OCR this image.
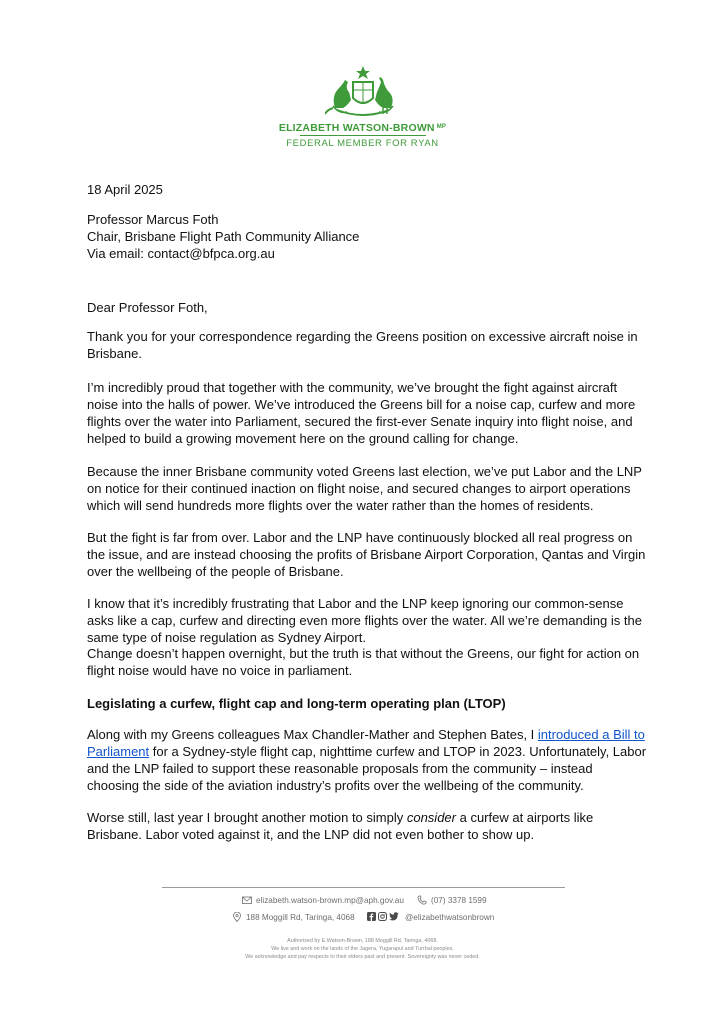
ELIZABETH WATSON-BROWN $^{MP}$
FEDERAL MEMBER FOR RYAN

18 April 2025

Professor Marcus Foth
Chair, Brisbane Flight Path Community Alliance
Via email: contact@bfpca.org.au

Dear Professor Foth,

Thank you for your correspondence regarding the Greens position on excessive aircraft noise in Brisbane.

I’m incredibly proud that together with the community, we’ve brought the fight against aircraft noise into the halls of power. We’ve introduced the Greens bill for a noise cap, curfew and more flights over the water into Parliament, secured the first-ever Senate inquiry into flight noise, and helped to build a growing movement here on the ground calling for change.

Because the inner Brisbane community voted Greens last election, we’ve put Labor and the LNP on notice for their continued inaction on flight noise, and secured changes to airport operations which will send hundreds more flights over the water rather than the homes of residents.

But the fight is far from over. Labor and the LNP have continuously blocked all real progress on the issue, and are instead choosing the profits of Brisbane Airport Corporation, Qantas and Virgin over the wellbeing of the people of Brisbane.

I know that it’s incredibly frustrating that Labor and the LNP keep ignoring our common-sense asks like a cap, curfew and directing even more flights over the water. All we’re demanding is the same type of noise regulation as Sydney Airport.

Change doesn’t happen overnight, but the truth is that without the Greens, our fight for action on flight noise would have no voice in parliament.

Legislating a curfew, flight cap and long-term operating plan (LTOP)

Along with my Greens colleagues Max Chandler-Mather and Stephen Bates, I introduced a Bill to Parliament for a Sydney-style flight cap, nighttime curfew and LTOP in 2023. Unfortunately, Labor and the LNP failed to support these reasonable proposals from the community – instead choosing the side of the aviation industry’s profits over the wellbeing of the community.

Worse still, last year I brought another motion to simply consider a curfew at airports like Brisbane. Labor voted against it, and the LNP did not even bother to show up.

elizabeth.watson-brown.mp@aph.gov.au	(07) 3378 1599
188 Moggill Rd, Taringa, 4068	@elizabethwatsonbrown
Authorised by E.Watson-Brown, 188 Moggill Rd, Taringa, 4068.
We live and work on the lands of the Jagera, Yugarapul and Turrbal peoples.
We acknowledge and pay respects to their elders past and present. Sovereignty was never ceded.
